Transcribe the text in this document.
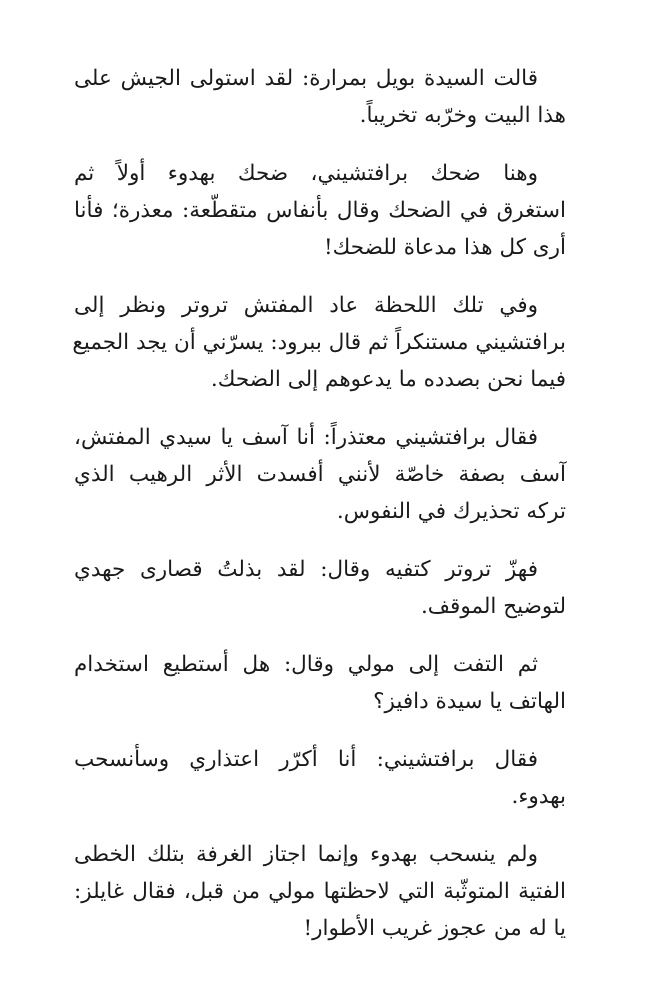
قالت السيدة بويل بمرارة: لقد استولى الجيش على
هذا البيت وخرّبه تخريباً.

وهنا ضحك برافتشيني، ضحك بهدوء أولاً ثم
استغرق في الضحك وقال بأنفاس متقطّعة: معذرة؛ فأنا
أرى كل هذا مدعاة للضحك!

وفي تلك اللحظة عاد المفتش تروتر ونظر إلى
برافتشيني مستنكراً ثم قال ببرود: يسرّني أن يجد الجميع
فيما نحن بصدده ما يدعوهم إلى الضحك.

فقال برافتشيني معتذراً: أنا آسف يا سيدي المفتش،
آسف بصفة خاصّة لأنني أفسدت الأثر الرهيب الذي
تركه تحذيرك في النفوس.

فهزّ تروتر كتفيه وقال: لقد بذلتُ قصارى جهدي
لتوضيح الموقف.

ثم التفت إلى مولي وقال: هل أستطيع استخدام
الهاتف يا سيدة دافيز؟

فقال برافتشيني: أنا أكرّر اعتذاري وسأنسحب
بهدوء.

ولم ينسحب بهدوء وإنما اجتاز الغرفة بتلك الخطى
الفتية المتوثّبة التي لاحظتها مولي من قبل، فقال غايلز:
يا له من عجوز غريب الأطوار!
